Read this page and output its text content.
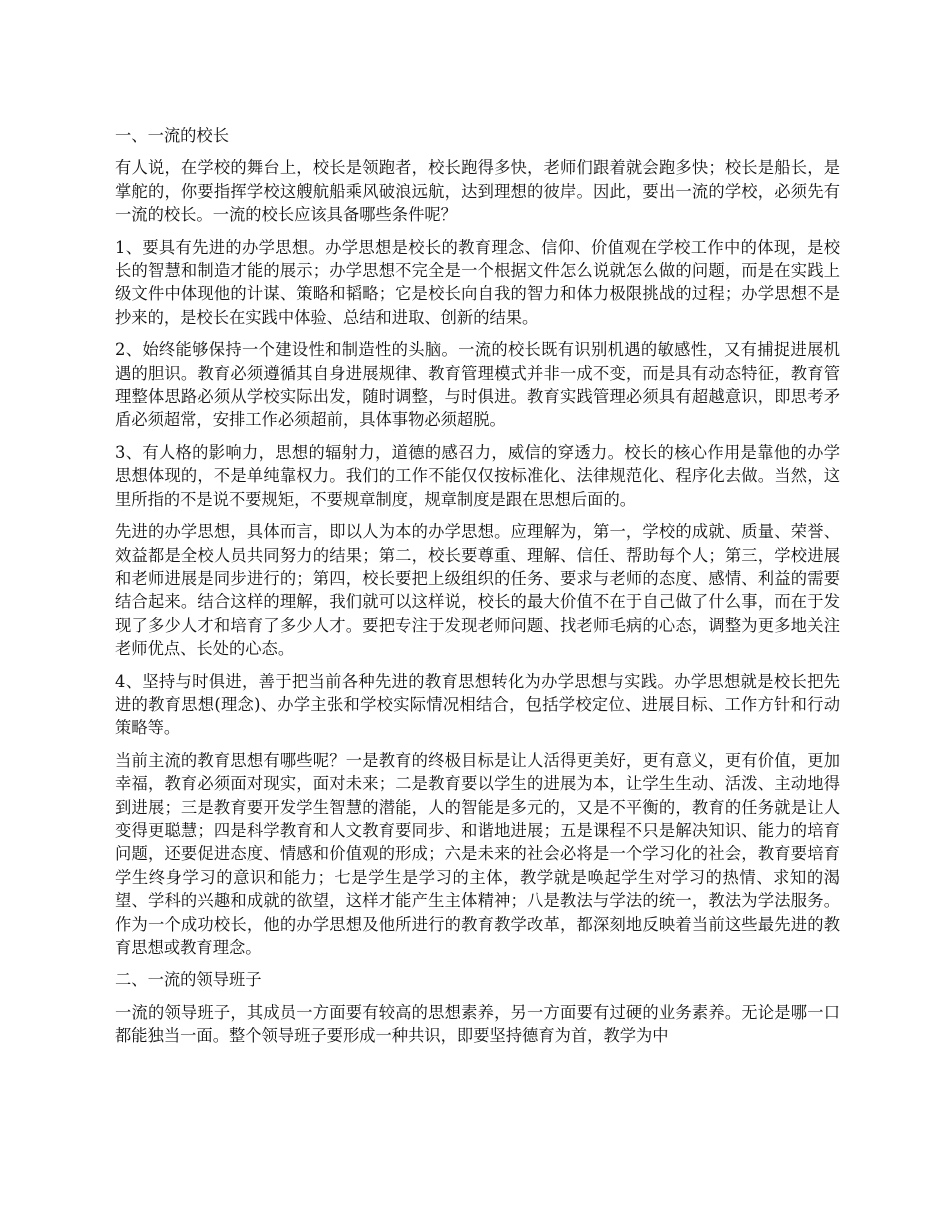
一、一流的校长

有人说，在学校的舞台上，校长是领跑者，校长跑得多快，老师们跟着就会跑多快；校长是船长，是掌舵的，你要指挥学校这艘航船乘风破浪远航，达到理想的彼岸。因此，要出一流的学校，必须先有一流的校长。一流的校长应该具备哪些条件呢？

1、要具有先进的办学思想。办学思想是校长的教育理念、信仰、价值观在学校工作中的体现，是校长的智慧和制造才能的展示；办学思想不完全是一个根据文件怎么说就怎么做的问题，而是在实践上级文件中体现他的计谋、策略和韬略；它是校长向自我的智力和体力极限挑战的过程；办学思想不是抄来的，是校长在实践中体验、总结和进取、创新的结果。

2、始终能够保持一个建设性和制造性的头脑。一流的校长既有识别机遇的敏感性，又有捕捉进展机遇的胆识。教育必须遵循其自身进展规律、教育管理模式并非一成不变，而是具有动态特征，教育管理整体思路必须从学校实际出发，随时调整，与时俱进。教育实践管理必须具有超越意识，即思考矛盾必须超常，安排工作必须超前，具体事物必须超脱。

3、有人格的影响力，思想的辐射力，道德的感召力，威信的穿透力。校长的核心作用是靠他的办学思想体现的，不是单纯靠权力。我们的工作不能仅仅按标准化、法律规范化、程序化去做。当然，这里所指的不是说不要规矩，不要规章制度，规章制度是跟在思想后面的。

先进的办学思想，具体而言，即以人为本的办学思想。应理解为，第一，学校的成就、质量、荣誉、效益都是全校人员共同努力的结果；第二，校长要尊重、理解、信任、帮助每个人；第三，学校进展和老师进展是同步进行的；第四，校长要把上级组织的任务、要求与老师的态度、感情、利益的需要结合起来。结合这样的理解，我们就可以这样说，校长的最大价值不在于自己做了什么事，而在于发现了多少人才和培育了多少人才。要把专注于发现老师问题、找老师毛病的心态，调整为更多地关注老师优点、长处的心态。

4、坚持与时俱进，善于把当前各种先进的教育思想转化为办学思想与实践。办学思想就是校长把先进的教育思想(理念)、办学主张和学校实际情况相结合，包括学校定位、进展目标、工作方针和行动策略等。

当前主流的教育思想有哪些呢？一是教育的终极目标是让人活得更美好，更有意义，更有价值，更加幸福，教育必须面对现实，面对未来；二是教育要以学生的进展为本，让学生生动、活泼、主动地得到进展；三是教育要开发学生智慧的潜能，人的智能是多元的，又是不平衡的，教育的任务就是让人变得更聪慧；四是科学教育和人文教育要同步、和谐地进展；五是课程不只是解决知识、能力的培育问题，还要促进态度、情感和价值观的形成；六是未来的社会必将是一个学习化的社会，教育要培育学生终身学习的意识和能力；七是学生是学习的主体，教学就是唤起学生对学习的热情、求知的渴望、学科的兴趣和成就的欲望，这样才能产生主体精神；八是教法与学法的统一，教法为学法服务。作为一个成功校长，他的办学思想及他所进行的教育教学改革，都深刻地反映着当前这些最先进的教育思想或教育理念。

二、一流的领导班子

一流的领导班子，其成员一方面要有较高的思想素养，另一方面要有过硬的业务素养。无论是哪一口都能独当一面。整个领导班子要形成一种共识，即要坚持德育为首，教学为中
